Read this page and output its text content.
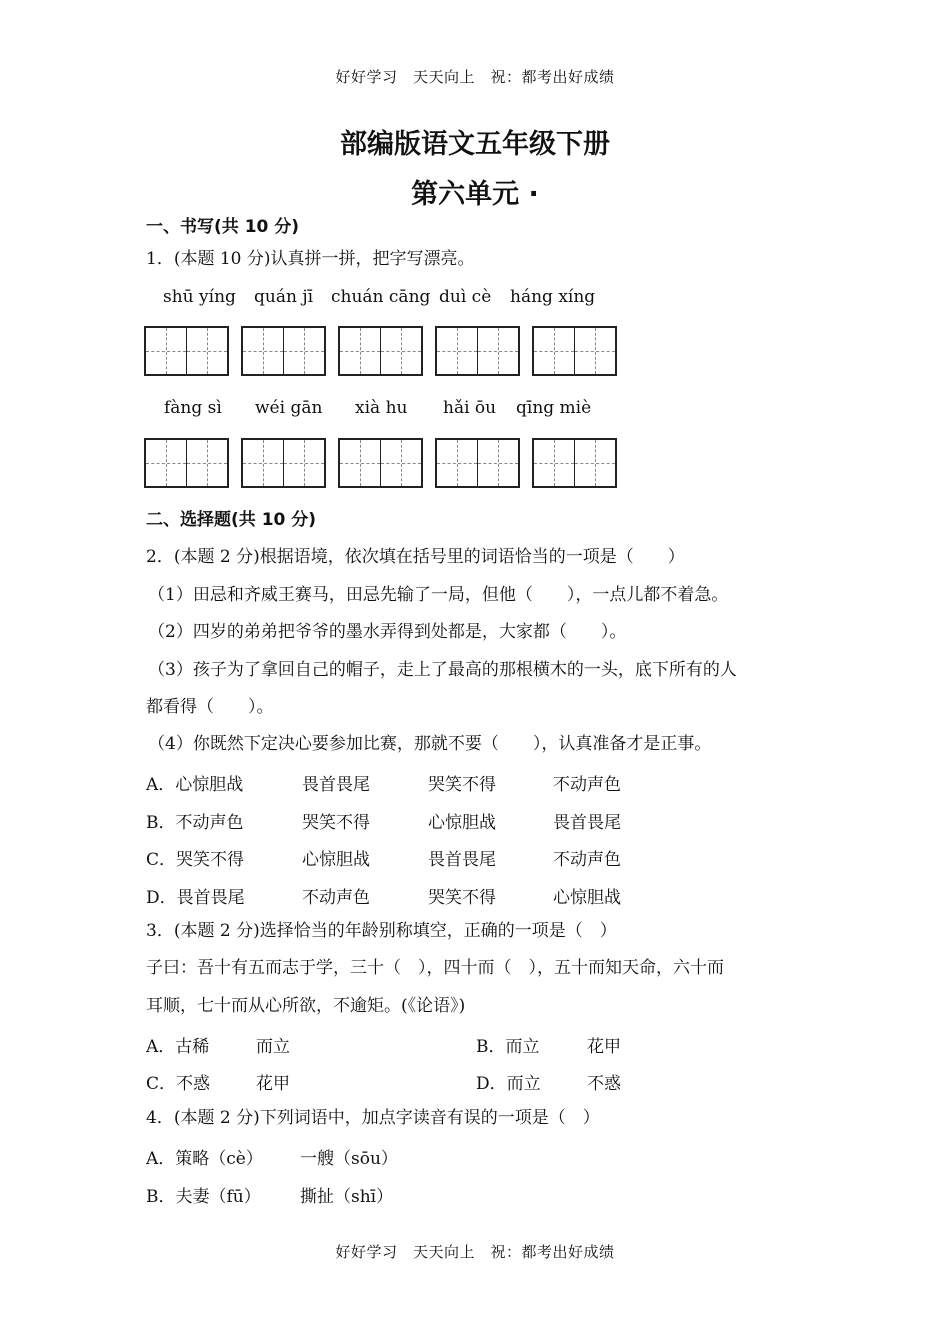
好好学习　天天向上　祝：都考出好成绩
部编版语文五年级下册
第六单元 ·
一、书写(共 10 分)
1．(本题 10 分)认真拼一拼，把字写漂亮。
shū yíng quán jī chuán cāng duì cè háng xíng
fàng sì wéi gān xià hu hǎi ōu qīng miè
二、选择题(共 10 分)
2．(本题 2 分)根据语境，依次填在括号里的词语恰当的一项是（　　）
（1）田忌和齐威王赛马，田忌先输了一局，但他（　　），一点儿都不着急。
（2）四岁的弟弟把爷爷的墨水弄得到处都是，大家都（　　）。
（3）孩子为了拿回自己的帽子，走上了最高的那根横木的一头，底下所有的人
都看得（　　）。
（4）你既然下定决心要参加比赛，那就不要（　　），认真准备才是正事。
A．心惊胆战	畏首畏尾	哭笑不得	不动声色
B．不动声色	哭笑不得	心惊胆战	畏首畏尾
C．哭笑不得	心惊胆战	畏首畏尾	不动声色
D．畏首畏尾	不动声色	哭笑不得	心惊胆战
3．(本题 2 分)选择恰当的年龄别称填空，正确的一项是（　）
子曰：吾十有五而志于学，三十（　），四十而（　），五十而知天命，六十而
耳顺，七十而从心所欲，不逾矩。(《论语》)
A．古稀	而立	B．而立	花甲
C．不惑	花甲	D．而立	不惑
4．(本题 2 分)下列词语中，加点字读音有误的一项是（　）
A．策略（cè） 一艘（sōu）
B．夫妻（fū） 撕扯（shī）
好好学习　天天向上　祝：都考出好成绩
